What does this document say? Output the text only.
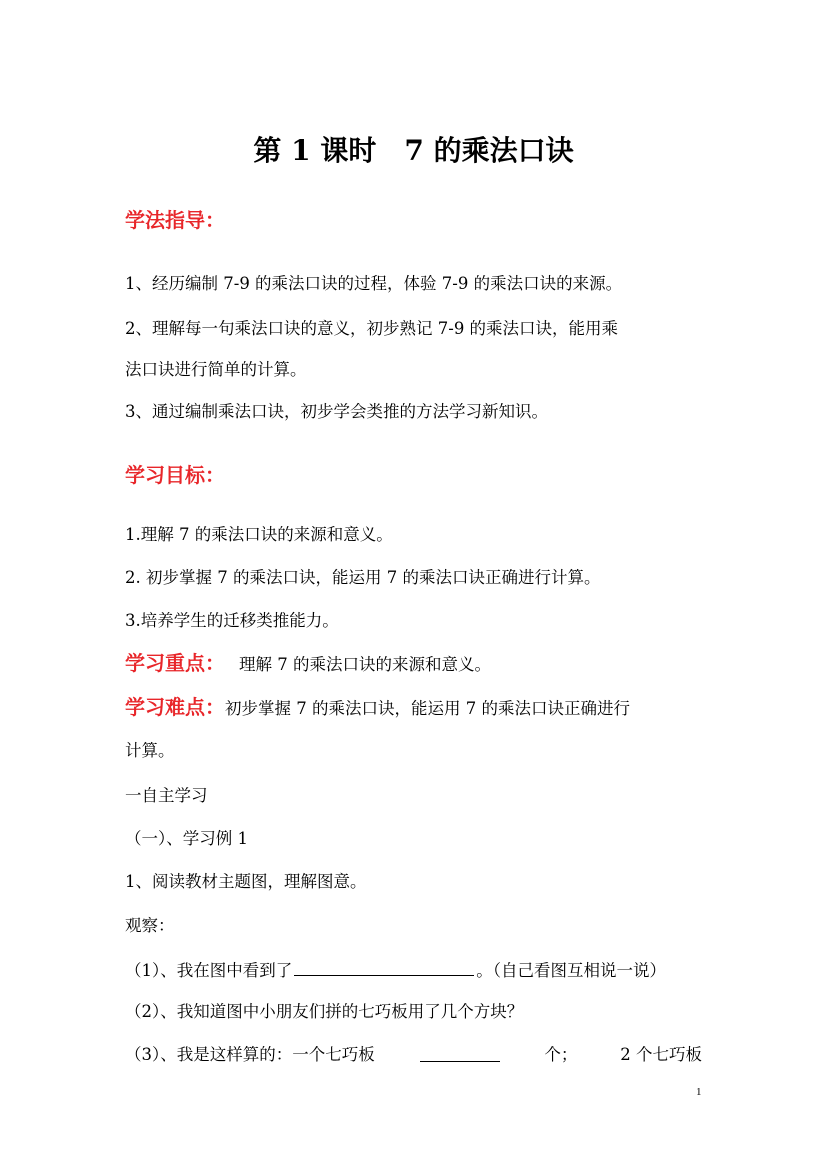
第 1 课时 7 的乘法口诀
学法指导：
1、经历编制 7-9 的乘法口诀的过程，体验 7-9 的乘法口诀的来源。
2、理解每一句乘法口诀的意义，初步熟记 7-9 的乘法口诀，能用乘
法口诀进行简单的计算。
3、通过编制乘法口诀，初步学会类推的方法学习新知识。
学习目标：
1.理解 7 的乘法口诀的来源和意义。
2. 初步掌握 7 的乘法口诀，能运用 7 的乘法口诀正确进行计算。
3.培养学生的迁移类推能力。
学习重点： 理解 7 的乘法口诀的来源和意义。
学习难点：初步掌握 7 的乘法口诀，能运用 7 的乘法口诀正确进行
计算。
一自主学习
（一）、学习例 1
1、阅读教材主题图，理解图意。
观察：
（1）、我在图中看到了	。（自己看图互相说一说）
（2）、我知道图中小朋友们拼的七巧板用了几个方块？
（3）、我是这样算的：一个七巧板	个；	2 个七巧板
1
